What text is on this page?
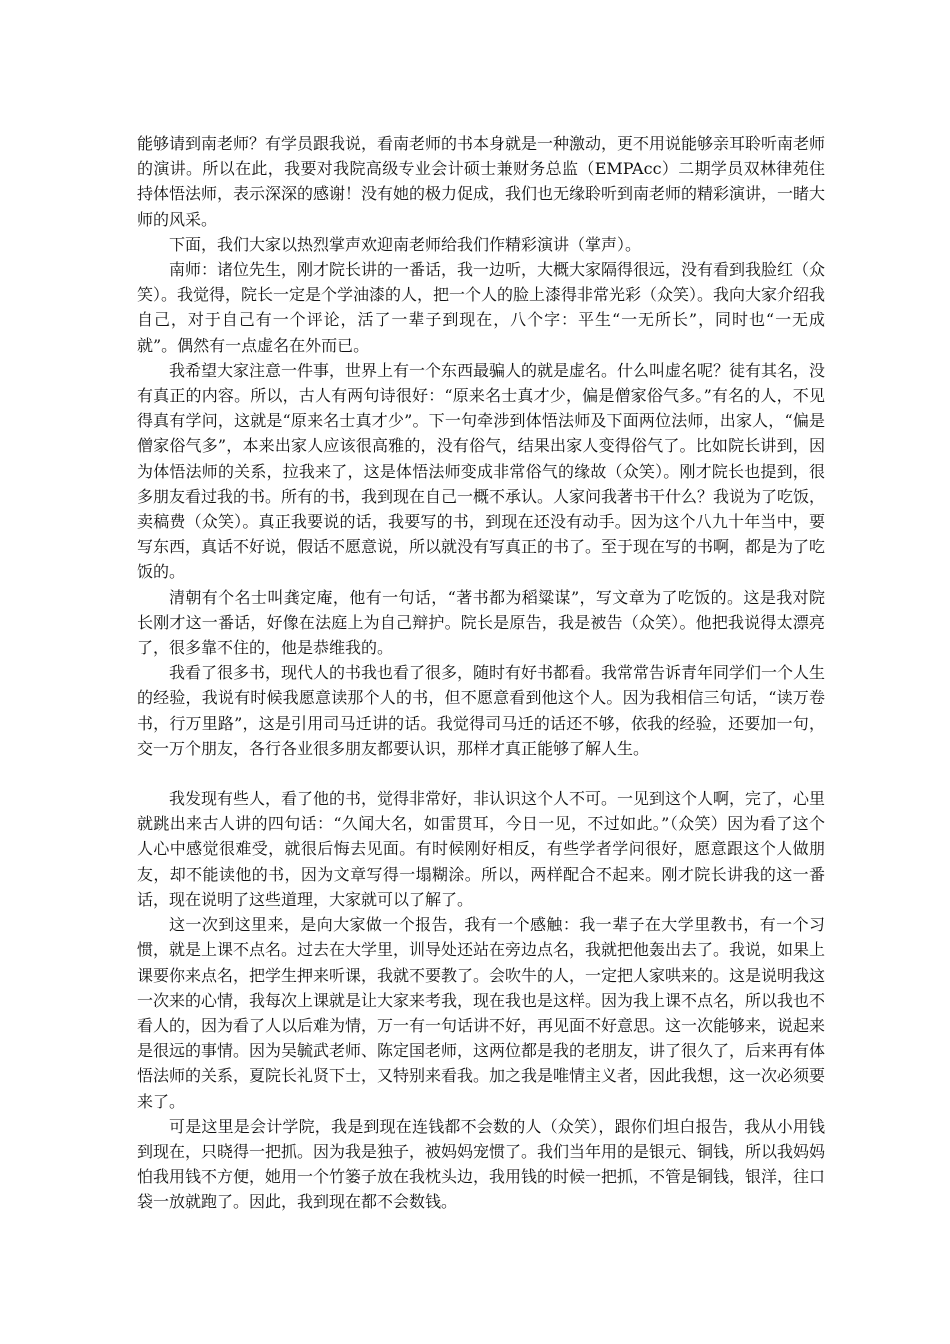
能够请到南老师？有学员跟我说，看南老师的书本身就是一种激动，更不用说能够亲耳聆听南老师的演讲。所以在此，我要对我院高级专业会计硕士兼财务总监（EMPAcc）二期学员双林律苑住持体悟法师，表示深深的感谢！没有她的极力促成，我们也无缘聆听到南老师的精彩演讲，一睹大师的风采。

下面，我们大家以热烈掌声欢迎南老师给我们作精彩演讲（掌声）。

南师：诸位先生，刚才院长讲的一番话，我一边听，大概大家隔得很远，没有看到我脸红（众笑）。我觉得，院长一定是个学油漆的人，把一个人的脸上漆得非常光彩（众笑）。我向大家介绍我自己，对于自己有一个评论，活了一辈子到现在，八个字：平生“一无所长”，同时也“一无成就”。偶然有一点虚名在外而已。

我希望大家注意一件事，世界上有一个东西最骗人的就是虚名。什么叫虚名呢？徒有其名，没有真正的内容。所以，古人有两句诗很好：“原来名士真才少，偏是僧家俗气多。”有名的人，不见得真有学问，这就是“原来名士真才少”。下一句牵涉到体悟法师及下面两位法师，出家人，“偏是僧家俗气多”，本来出家人应该很高雅的，没有俗气，结果出家人变得俗气了。比如院长讲到，因为体悟法师的关系，拉我来了，这是体悟法师变成非常俗气的缘故（众笑）。刚才院长也提到，很多朋友看过我的书。所有的书，我到现在自己一概不承认。人家问我著书干什么？我说为了吃饭，卖稿费（众笑）。真正我要说的话，我要写的书，到现在还没有动手。因为这个八九十年当中，要写东西，真话不好说，假话不愿意说，所以就没有写真正的书了。至于现在写的书啊，都是为了吃饭的。

清朝有个名士叫龚定庵，他有一句话，“著书都为稻粱谋”，写文章为了吃饭的。这是我对院长刚才这一番话，好像在法庭上为自己辩护。院长是原告，我是被告（众笑）。他把我说得太漂亮了，很多靠不住的，他是恭维我的。

我看了很多书，现代人的书我也看了很多，随时有好书都看。我常常告诉青年同学们一个人生的经验，我说有时候我愿意读那个人的书，但不愿意看到他这个人。因为我相信三句话，“读万卷书，行万里路”，这是引用司马迁讲的话。我觉得司马迁的话还不够，依我的经验，还要加一句，交一万个朋友，各行各业很多朋友都要认识，那样才真正能够了解人生。

我发现有些人，看了他的书，觉得非常好，非认识这个人不可。一见到这个人啊，完了，心里就跳出来古人讲的四句话：“久闻大名，如雷贯耳，今日一见，不过如此。”（众笑）因为看了这个人心中感觉很难受，就很后悔去见面。有时候刚好相反，有些学者学问很好，愿意跟这个人做朋友，却不能读他的书，因为文章写得一塌糊涂。所以，两样配合不起来。刚才院长讲我的这一番话，现在说明了这些道理，大家就可以了解了。

这一次到这里来，是向大家做一个报告，我有一个感触：我一辈子在大学里教书，有一个习惯，就是上课不点名。过去在大学里，训导处还站在旁边点名，我就把他轰出去了。我说，如果上课要你来点名，把学生押来听课，我就不要教了。会吹牛的人，一定把人家哄来的。这是说明我这一次来的心情，我每次上课就是让大家来考我，现在我也是这样。因为我上课不点名，所以我也不看人的，因为看了人以后难为情，万一有一句话讲不好，再见面不好意思。这一次能够来，说起来是很远的事情。因为吴毓武老师、陈定国老师，这两位都是我的老朋友，讲了很久了，后来再有体悟法师的关系，夏院长礼贤下士，又特别来看我。加之我是唯情主义者，因此我想，这一次必须要来了。

可是这里是会计学院，我是到现在连钱都不会数的人（众笑），跟你们坦白报告，我从小用钱到现在，只晓得一把抓。因为我是独子，被妈妈宠惯了。我们当年用的是银元、铜钱，所以我妈妈怕我用钱不方便，她用一个竹篓子放在我枕头边，我用钱的时候一把抓，不管是铜钱，银洋，往口袋一放就跑了。因此，我到现在都不会数钱。
